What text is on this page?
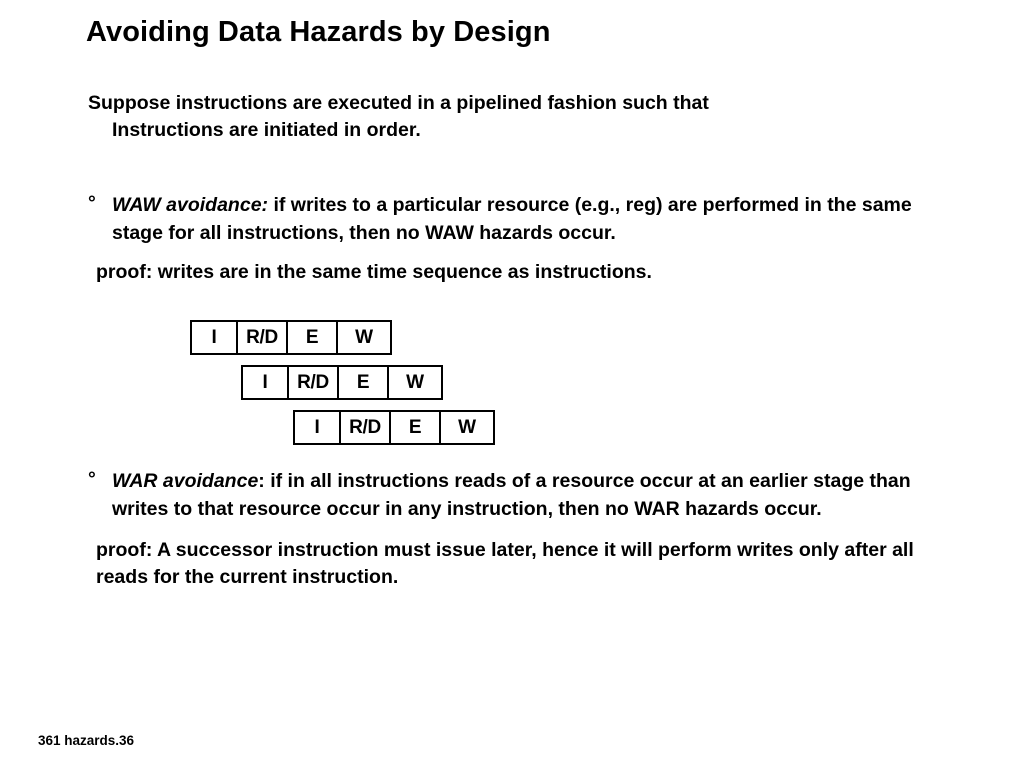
Avoiding Data Hazards by Design
Suppose instructions are executed in a pipelined fashion such that
Instructions are initiated in order.
° WAW avoidance: if writes to a particular resource (e.g., reg) are performed in the same stage for all instructions, then no WAW hazards occur.
proof: writes are in the same time sequence as instructions.
I	R/D	E	W
I	R/D	E	W
I	R/D	E	W
° WAR avoidance: if in all instructions reads of a resource occur at an earlier stage than writes to that resource occur in any instruction, then no WAR hazards occur.
proof: A successor instruction must issue later, hence it will perform writes only after all reads for the current instruction.
361 hazards.36
